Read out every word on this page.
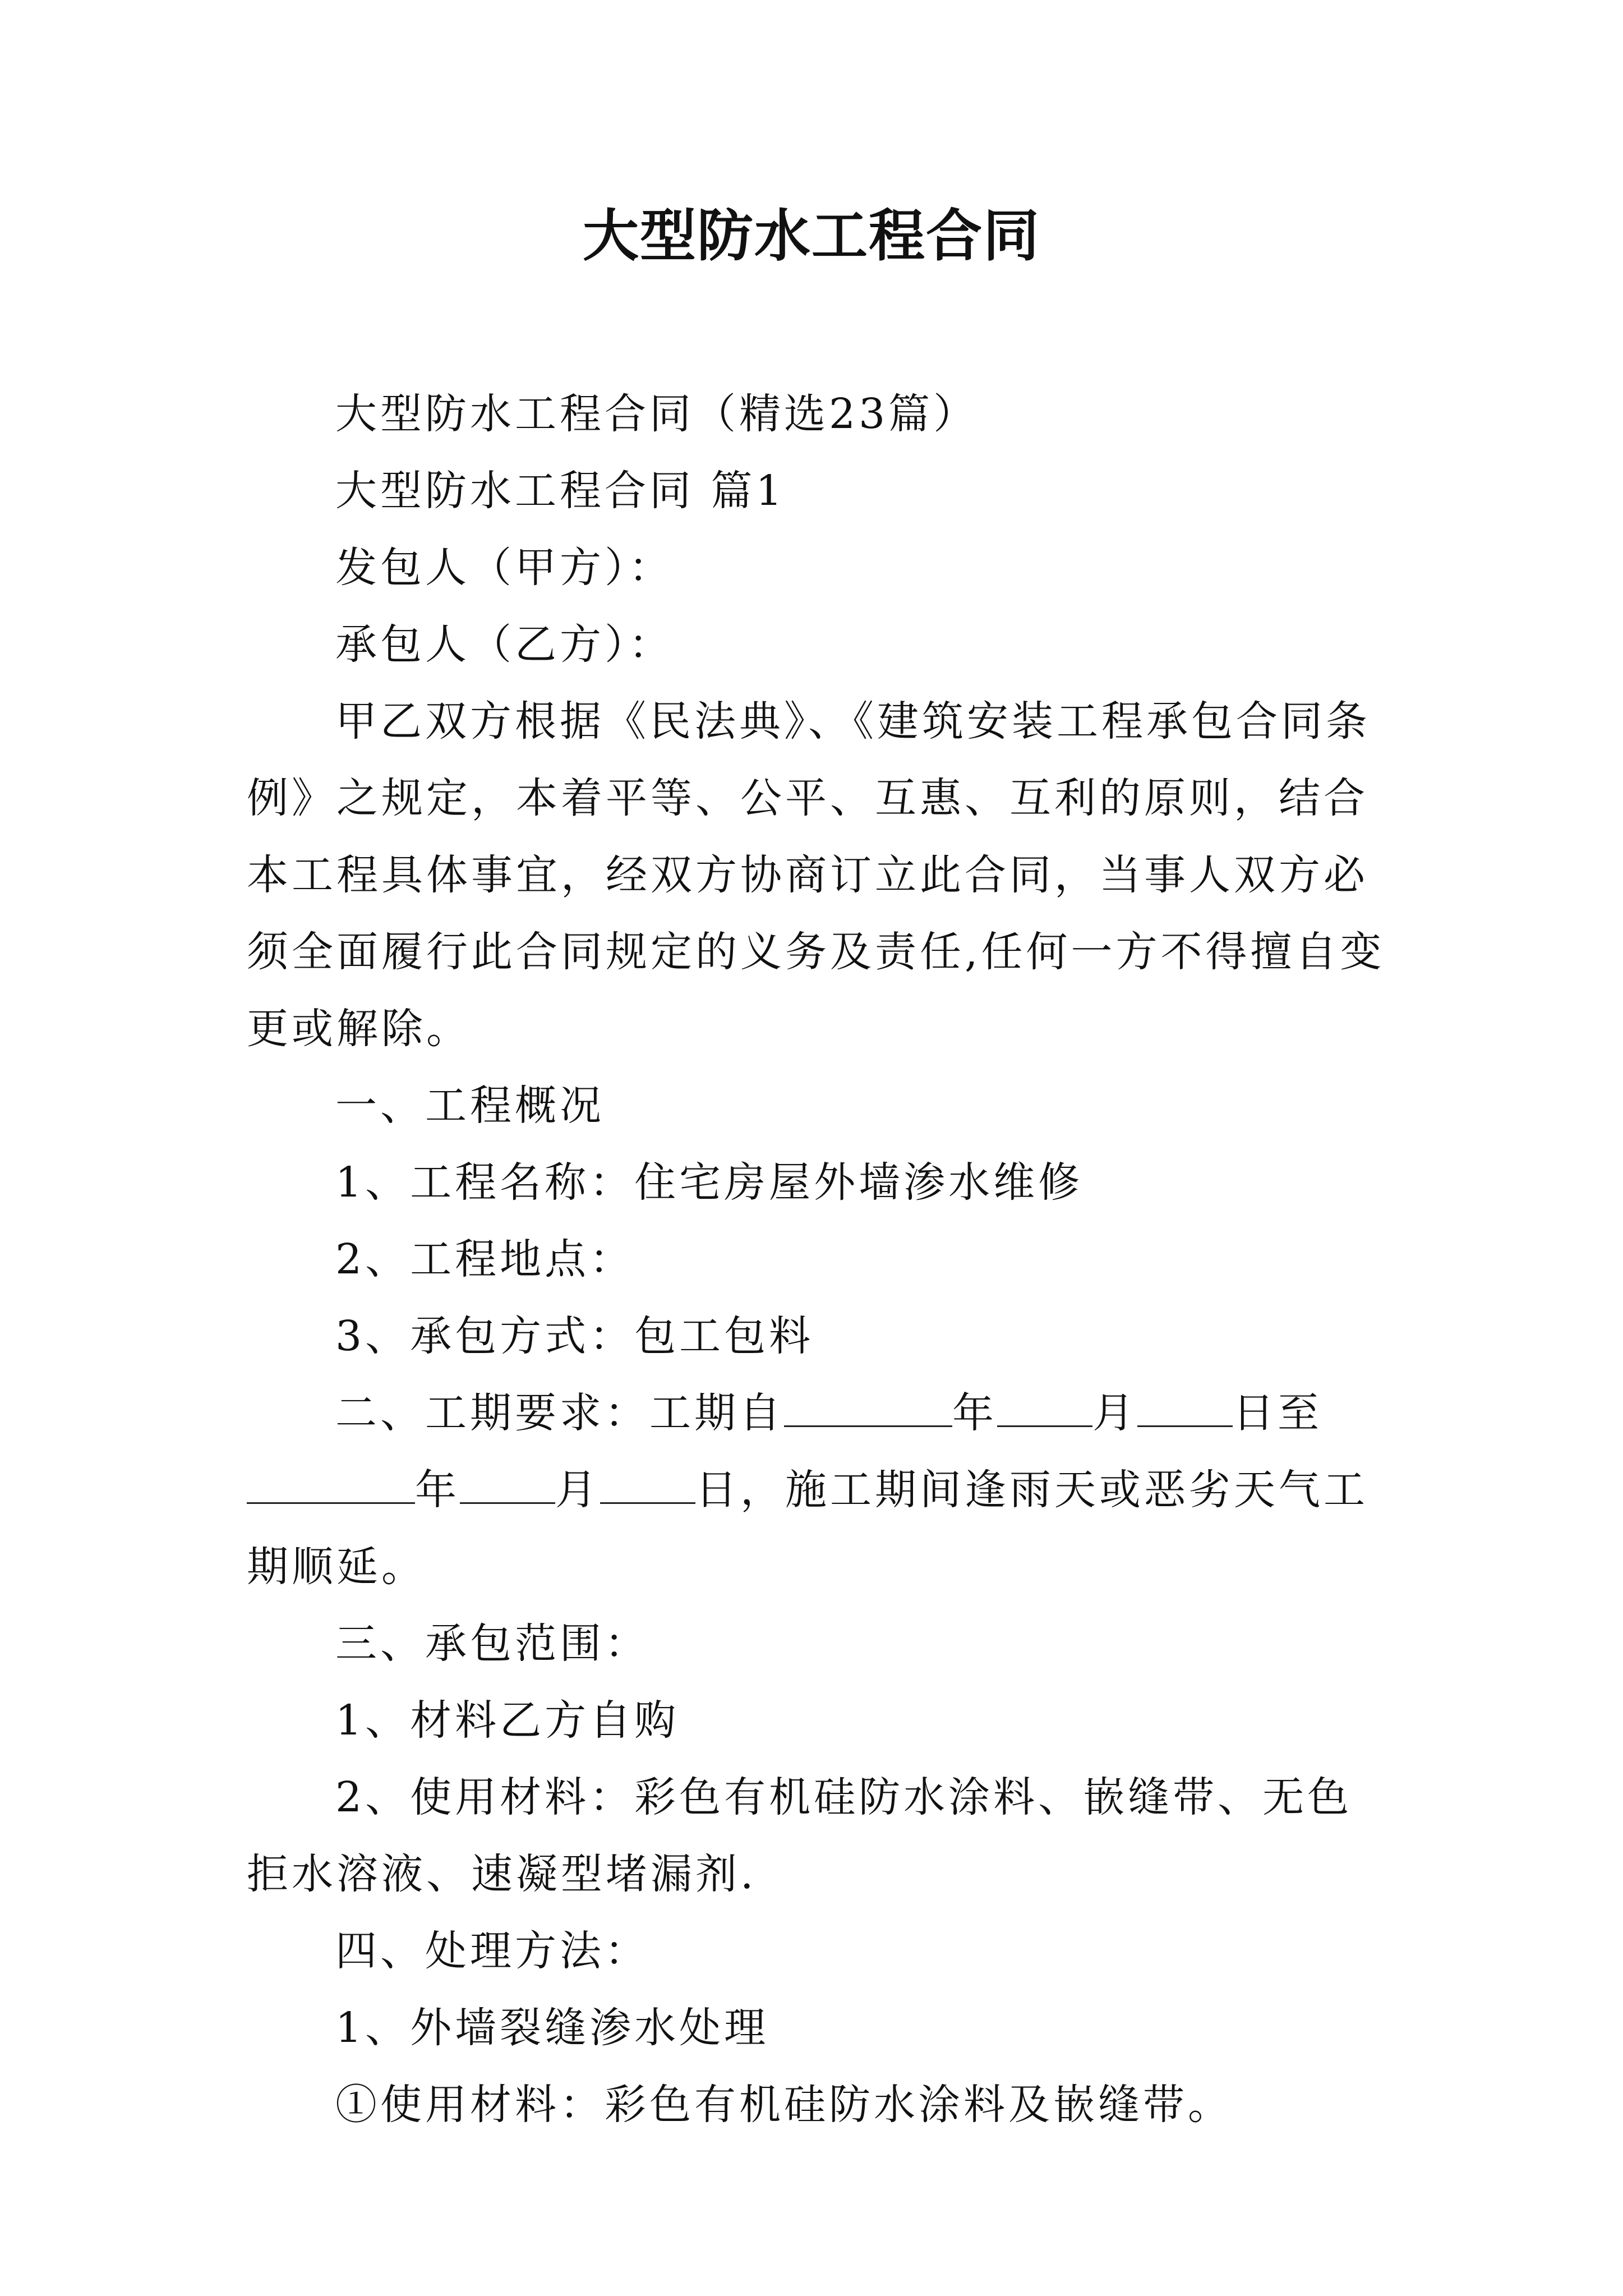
大型防水工程合同

大型防水工程合同（精选23篇）

大型防水工程合同 篇1

发包人（甲方）：

承包人（乙方）：

甲乙双方根据《民法典》、《建筑安装工程承包合同条例》之规定，本着平等、公平、互惠、互利的原则，结合本工程具体事宜，经双方协商订立此合同，当事人双方必须全面履行此合同规定的义务及责任,任何一方不得擅自变更或解除。

一、工程概况

1、工程名称：住宅房屋外墙渗水维修

2、工程地点：

3、承包方式：包工包料

二、工期要求：工期自	年 月 日至年 月 日，施工期间逢雨天或恶劣天气工期顺延。

三、承包范围：

1、材料乙方自购

2、使用材料：彩色有机硅防水涂料、嵌缝带、无色拒水溶液、速凝型堵漏剂.

四、处理方法：

1、外墙裂缝渗水处理

①使用材料：彩色有机硅防水涂料及嵌缝带。
